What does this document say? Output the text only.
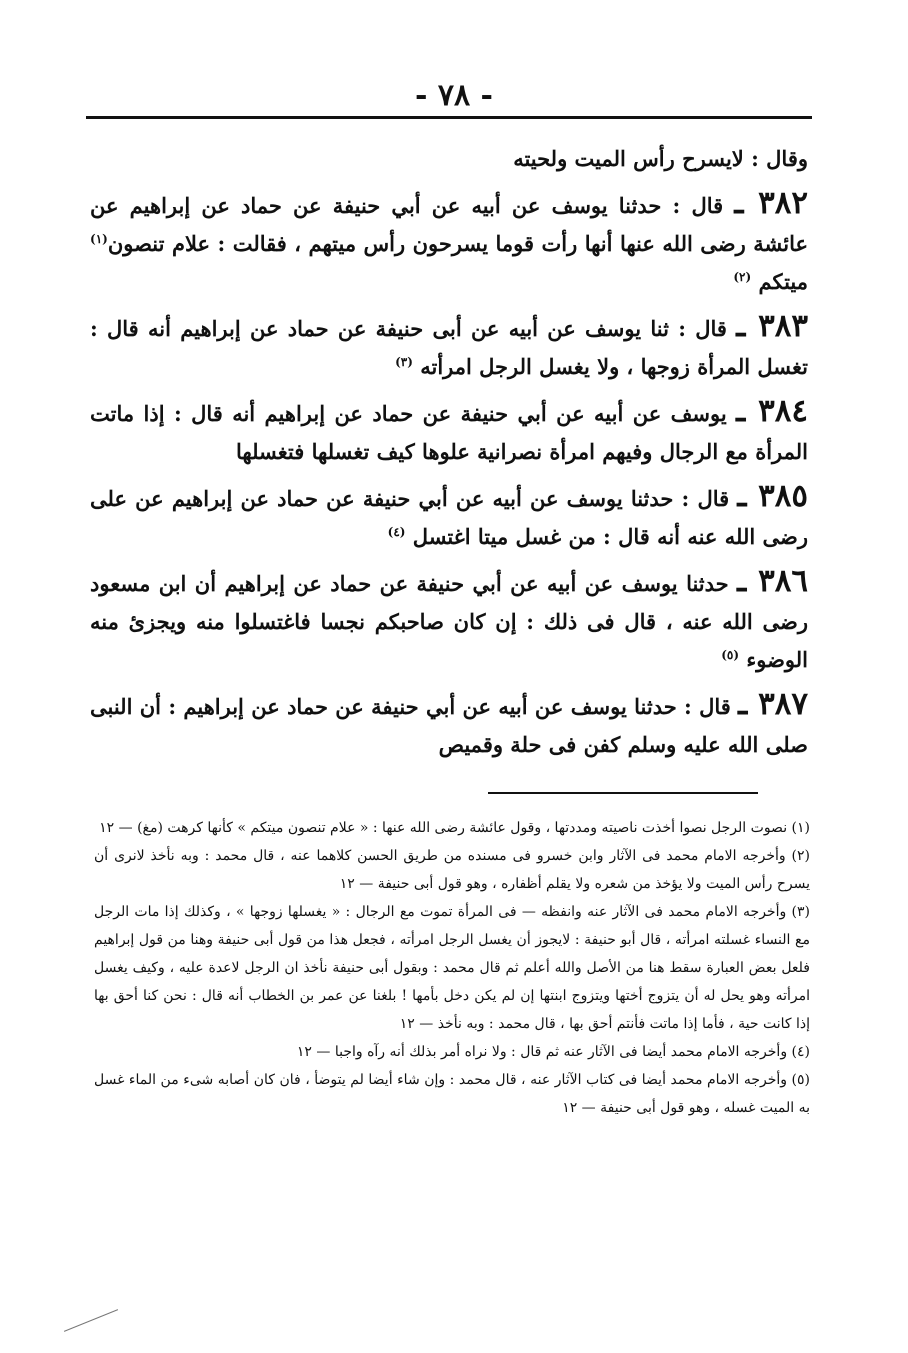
- ٧٨ -

وقال : لايسرح رأس الميت ولحيته

٣٨٢ ـ قال : حدثنا يوسف عن أبيه عن أبي حنيفة عن حماد عن إبراهيم عن عائشة رضى الله عنها أنها رأت قوما يسرحون رأس ميتهم ، فقالت : علام تنصون$^{(١)}$ ميتكم $^{(٢)}$

٣٨٣ ـ قال : ثنا يوسف عن أبيه عن أبى حنيفة عن حماد عن إبراهيم أنه قال : تغسل المرأة زوجها ، ولا يغسل الرجل امرأته $^{(٣)}$

٣٨٤ ـ يوسف عن أبيه عن أبي حنيفة عن حماد عن إبراهيم أنه قال : إذا ماتت المرأة مع الرجال وفيهم امرأة نصرانية علوها كيف تغسلها فتغسلها

٣٨٥ ـ قال : حدثنا يوسف عن أبيه عن أبي حنيفة عن حماد عن إبراهيم عن على رضى الله عنه أنه قال : من غسل ميتا اغتسل $^{(٤)}$

٣٨٦ ـ حدثنا يوسف عن أبيه عن أبي حنيفة عن حماد عن إبراهيم أن ابن مسعود رضى الله عنه ، قال فى ذلك : إن كان صاحبكم نجسا فاغتسلوا منه ويجزئ منه الوضوء $^{(٥)}$

٣٨٧ ـ قال : حدثنا يوسف عن أبيه عن أبي حنيفة عن حماد عن إبراهيم : أن النبى صلى الله عليه وسلم كفن فى حلة وقميص

(١) نصوت الرجل نصوا أخذت ناصيته ومددتها ، وقول عائشة رضى الله عنها : « علام تنصون ميتكم » كأنها كرهت (مغ) — ١٢

(٢) وأخرجه الامام محمد فى الآثار وابن خسرو فى مسنده من طريق الحسن كلاهما عنه ، قال محمد : وبه نأخذ لانرى أن يسرح رأس الميت ولا يؤخذ من شعره ولا يقلم أظفاره ، وهو قول أبى حنيفة — ١٢

(٣) وأخرجه الامام محمد فى الآثار عنه وانفظه — فى المرأة تموت مع الرجال : « يغسلها زوجها » ، وكذلك إذا مات الرجل مع النساء غسلته امرأته ، قال أبو حنيفة : لايجوز أن يغسل الرجل امرأته ، فجعل هذا من قول أبى حنيفة وهنا من قول إبراهيم فلعل بعض العبارة سقط هنا من الأصل والله أعلم ثم قال محمد : وبقول أبى حنيفة نأخذ ان الرجل لاعدة عليه ، وكيف يغسل امرأته وهو يحل له أن يتزوج أختها ويتزوج ابنتها إن لم يكن دخل بأمها ! بلغنا عن عمر بن الخطاب أنه قال : نحن كنا أحق بها إذا كانت حية ، فأما إذا ماتت فأنتم أحق بها ، قال محمد : وبه نأخذ — ١٢

(٤) وأخرجه الامام محمد أيضا فى الآثار عنه ثم قال : ولا نراه أمر بذلك أنه رآه واجبا — ١٢

(٥) وأخرجه الامام محمد أيضا فى كتاب الآثار عنه ، قال محمد : وإن شاء أيضا لم يتوضأ ، فان كان أصابه شىء من الماء غسل به الميت غسله ، وهو قول أبى حنيفة — ١٢
